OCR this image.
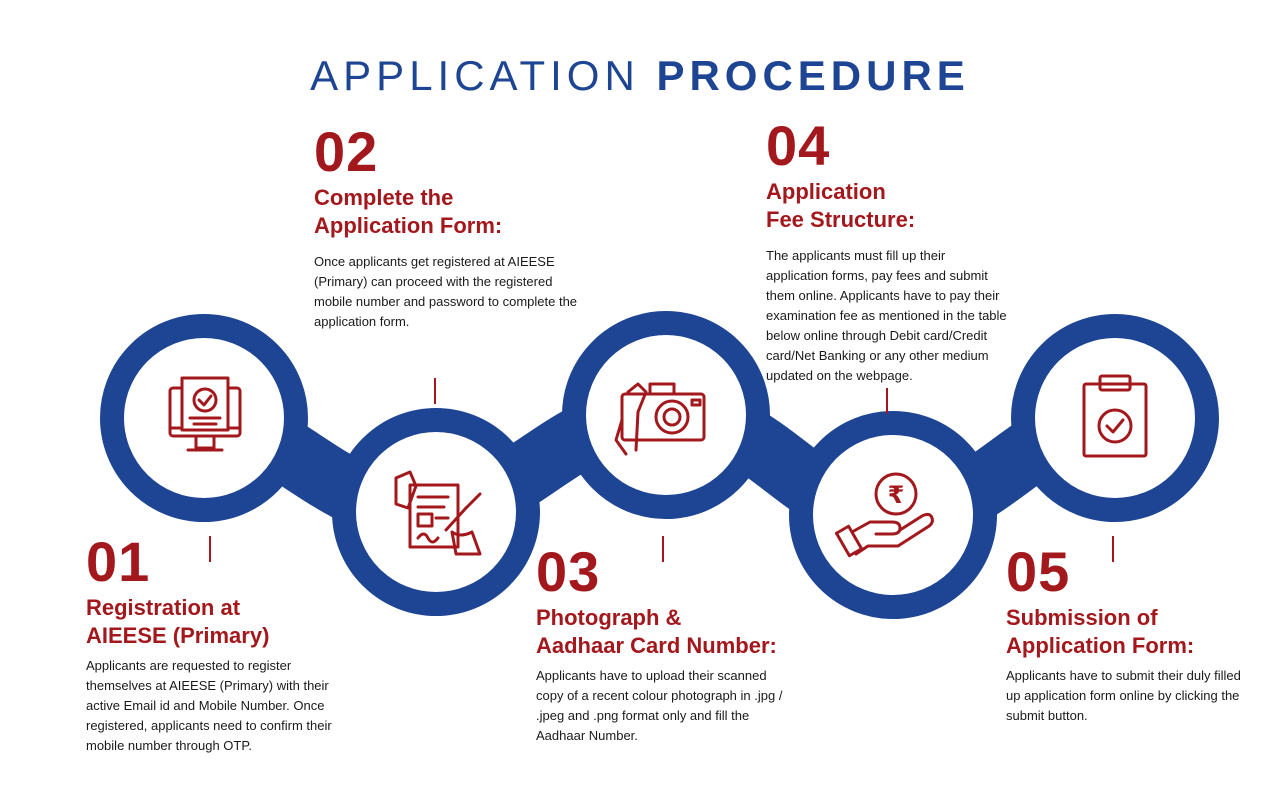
APPLICATION PROCEDURE
₹
01
Registration at
AIEESE (Primary)
Applicants are requested to register themselves at AIEESE (Primary) with their active Email id and Mobile Number. Once registered, applicants need to confirm their mobile number through OTP.
02
Complete the
Application Form:
Once applicants get registered at AIEESE (Primary) can proceed with the registered mobile number and password to complete the application form.
03
Photograph &
Aadhaar Card Number:
Applicants have to upload their scanned copy of a recent colour photograph in .jpg / .jpeg and .png format only and fill the Aadhaar Number.
04
Application
Fee Structure:
The applicants must fill up their application forms, pay fees and submit them online. Applicants have to pay their examination fee as mentioned in the table below online through Debit card/Credit card/Net Banking or any other medium updated on the webpage.
05
Submission of
Application Form:
Applicants have to submit their duly filled up application form online by clicking the submit button.
